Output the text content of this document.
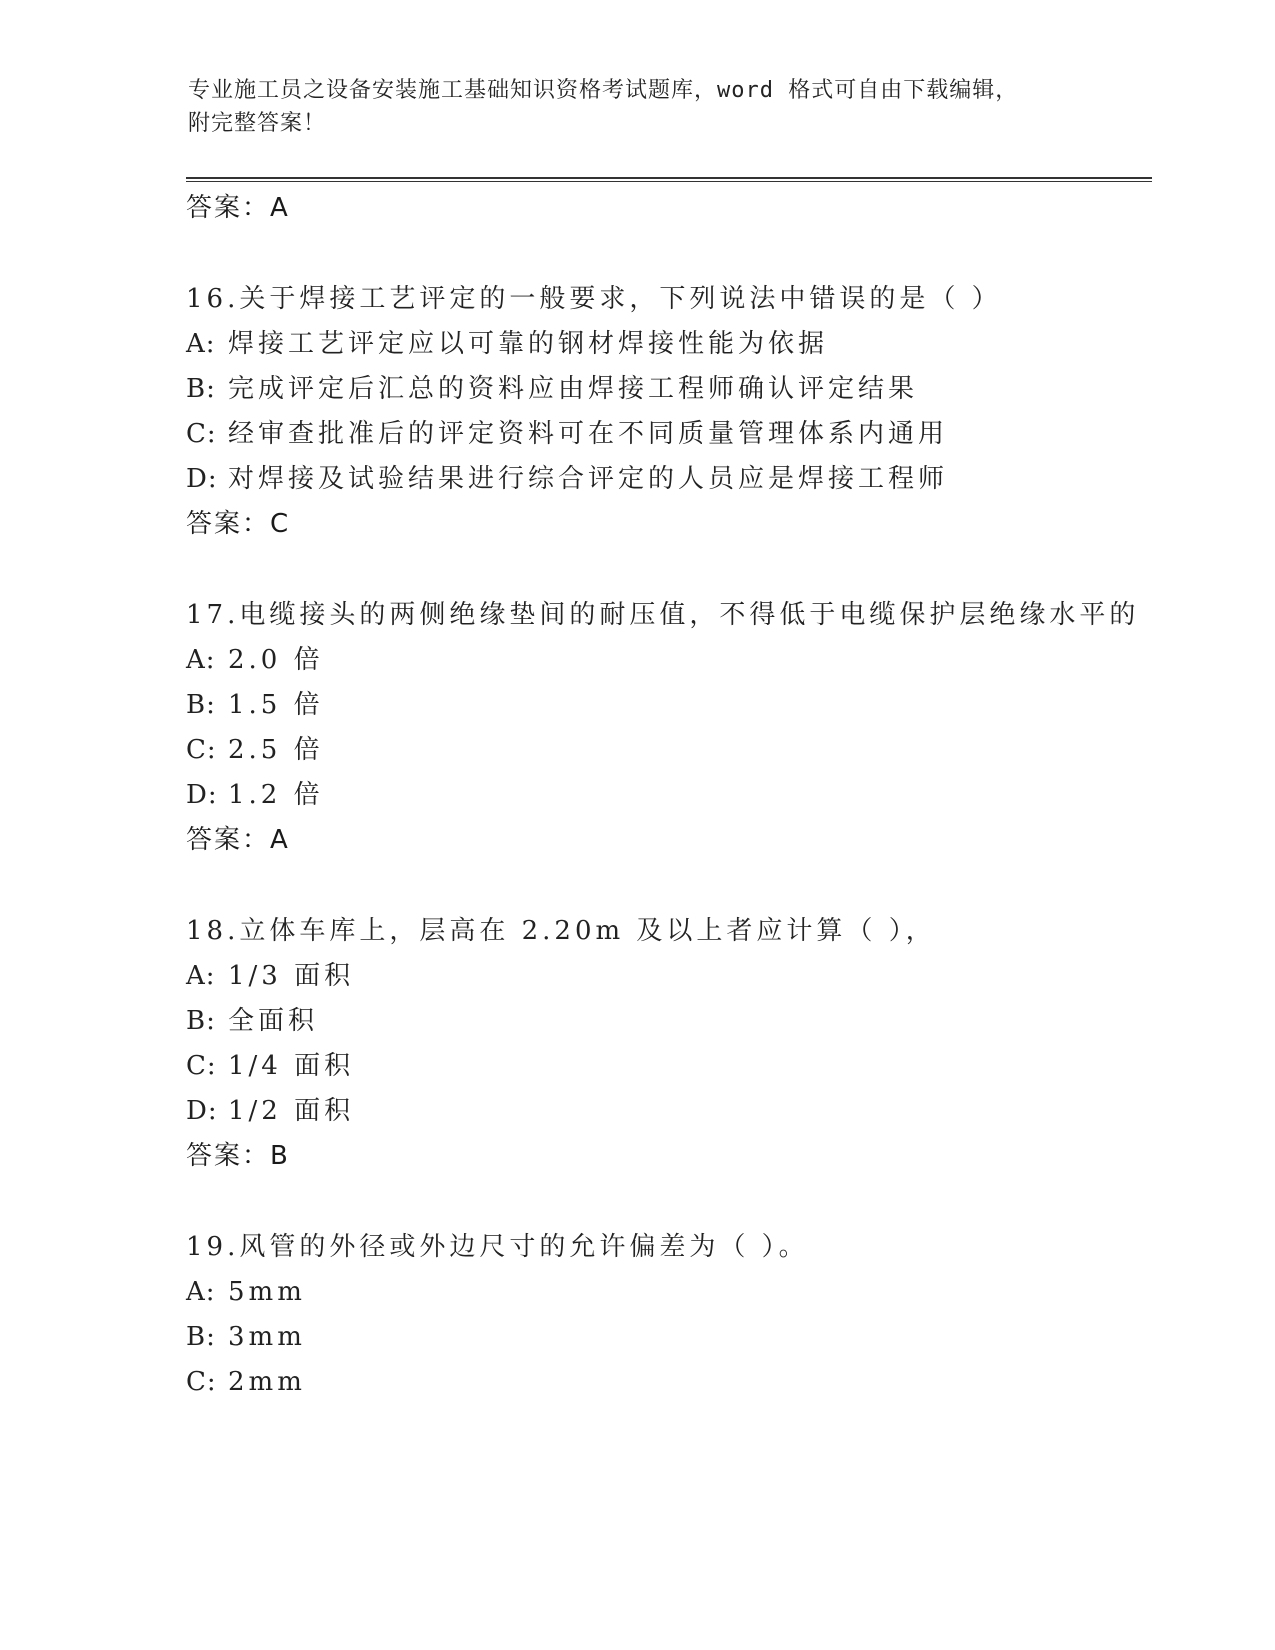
专业施工员之设备安装施工基础知识资格考试题库，word 格式可自由下载编辑，
附完整答案！
答案：A
16.关于焊接工艺评定的一般要求，下列说法中错误的是（ ）
A: 焊接工艺评定应以可靠的钢材焊接性能为依据
B: 完成评定后汇总的资料应由焊接工程师确认评定结果
C: 经审查批准后的评定资料可在不同质量管理体系内通用
D: 对焊接及试验结果进行综合评定的人员应是焊接工程师
答案：C
17.电缆接头的两侧绝缘垫间的耐压值，不得低于电缆保护层绝缘水平的
A: 2.0 倍
B: 1.5 倍
C: 2.5 倍
D: 1.2 倍
答案：A
18.立体车库上，层高在 2.20m 及以上者应计算（ ），
A: 1/3 面积
B: 全面积
C: 1/4 面积
D: 1/2 面积
答案：B
19.风管的外径或外边尺寸的允许偏差为（ ）。
A: 5mm
B: 3mm
C: 2mm
